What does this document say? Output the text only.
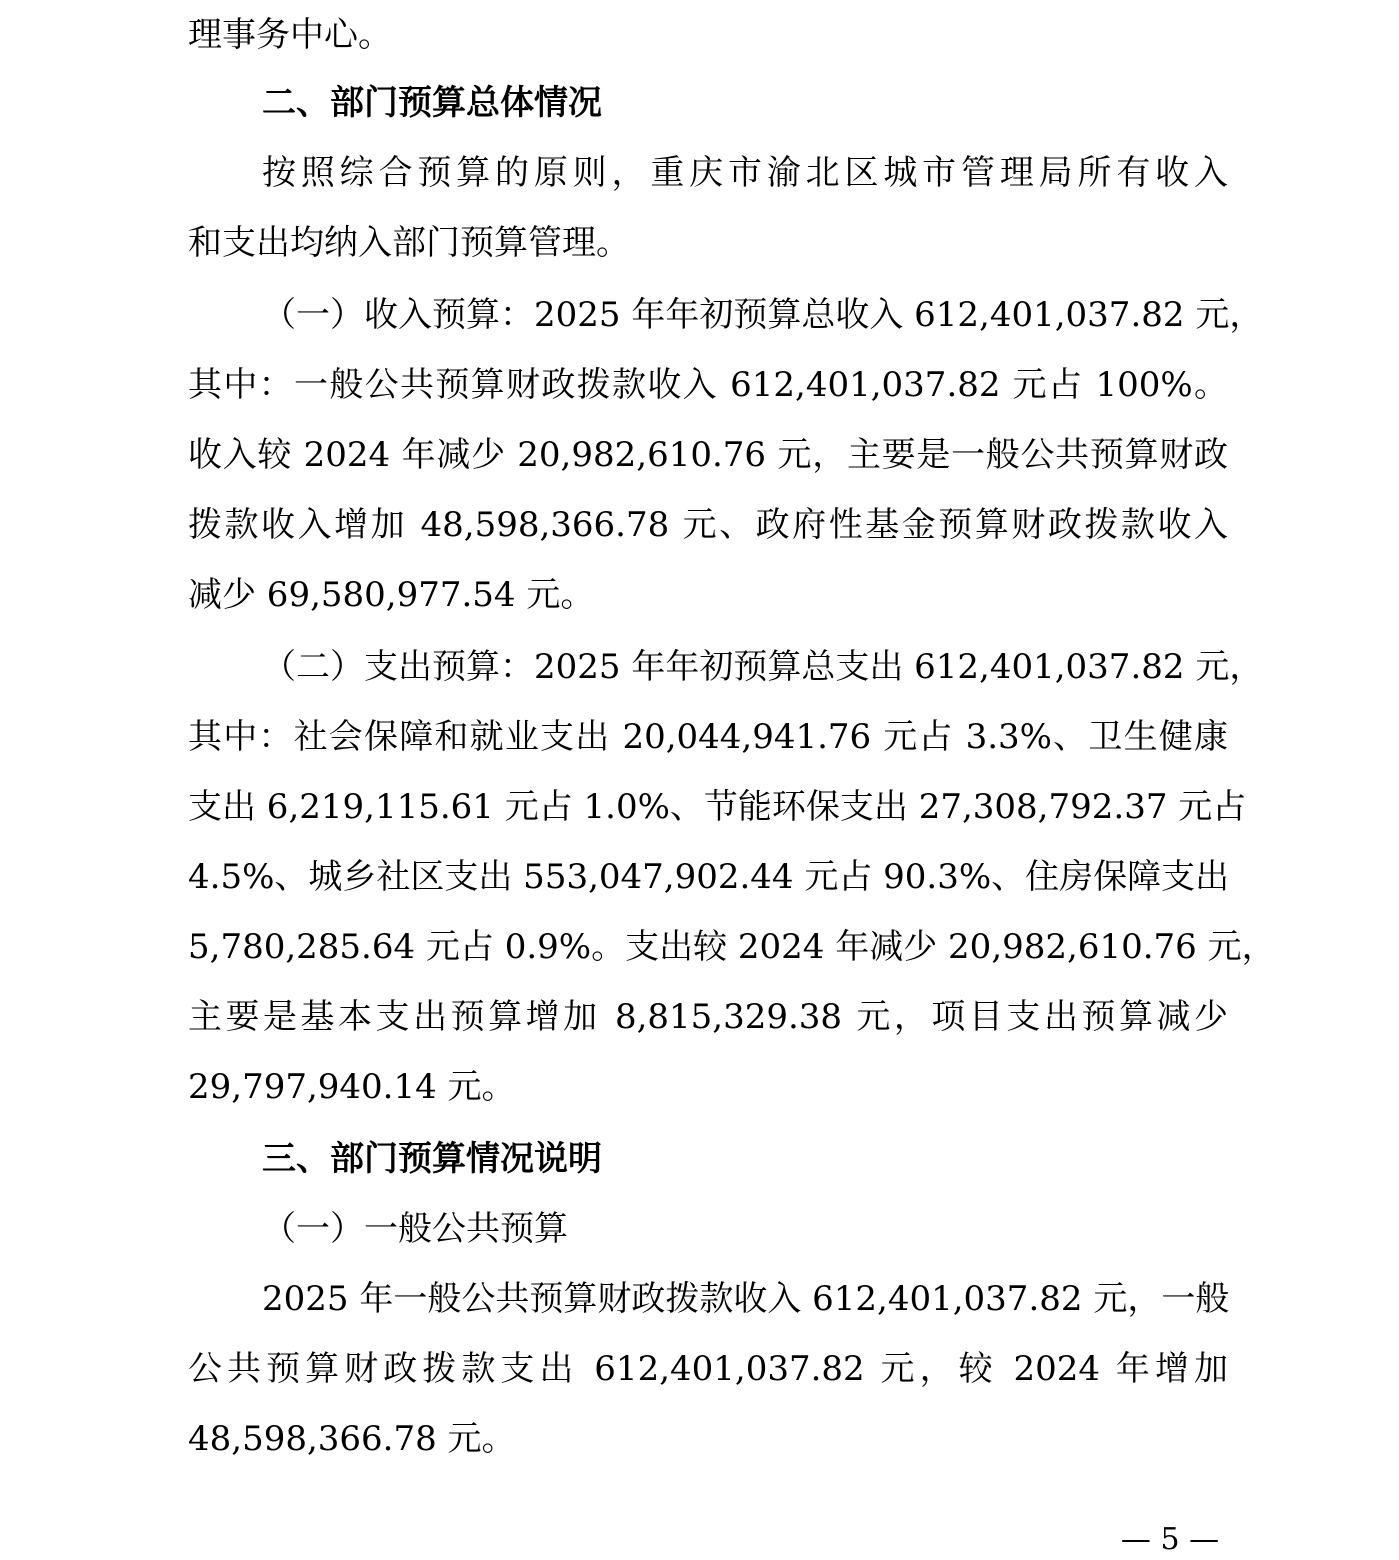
理事务中心。
二、部门预算总体情况
按照综合预算的原则，重庆市渝北区城市管理局所有收入
和支出均纳入部门预算管理。
（一）收入预算：2025 年年初预算总收入 612,401,037.82 元，
其中：一般公共预算财政拨款收入 612,401,037.82 元占 100%。
收入较 2024 年减少 20,982,610.76 元，主要是一般公共预算财政
拨款收入增加 48,598,366.78 元、政府性基金预算财政拨款收入
减少 69,580,977.54 元。
（二）支出预算：2025 年年初预算总支出 612,401,037.82 元，
其中：社会保障和就业支出 20,044,941.76 元占 3.3%、卫生健康
支出 6,219,115.61 元占 1.0%、节能环保支出 27,308,792.37 元占
4.5%、城乡社区支出 553,047,902.44 元占 90.3%、住房保障支出
5,780,285.64 元占 0.9%。支出较 2024 年减少 20,982,610.76 元，
主要是基本支出预算增加 8,815,329.38 元，项目支出预算减少
29,797,940.14 元。
三、部门预算情况说明
（一）一般公共预算
2025 年一般公共预算财政拨款收入 612,401,037.82 元，一般
公共预算财政拨款支出 612,401,037.82 元，较 2024 年增加
48,598,366.78 元。
— 5 —
